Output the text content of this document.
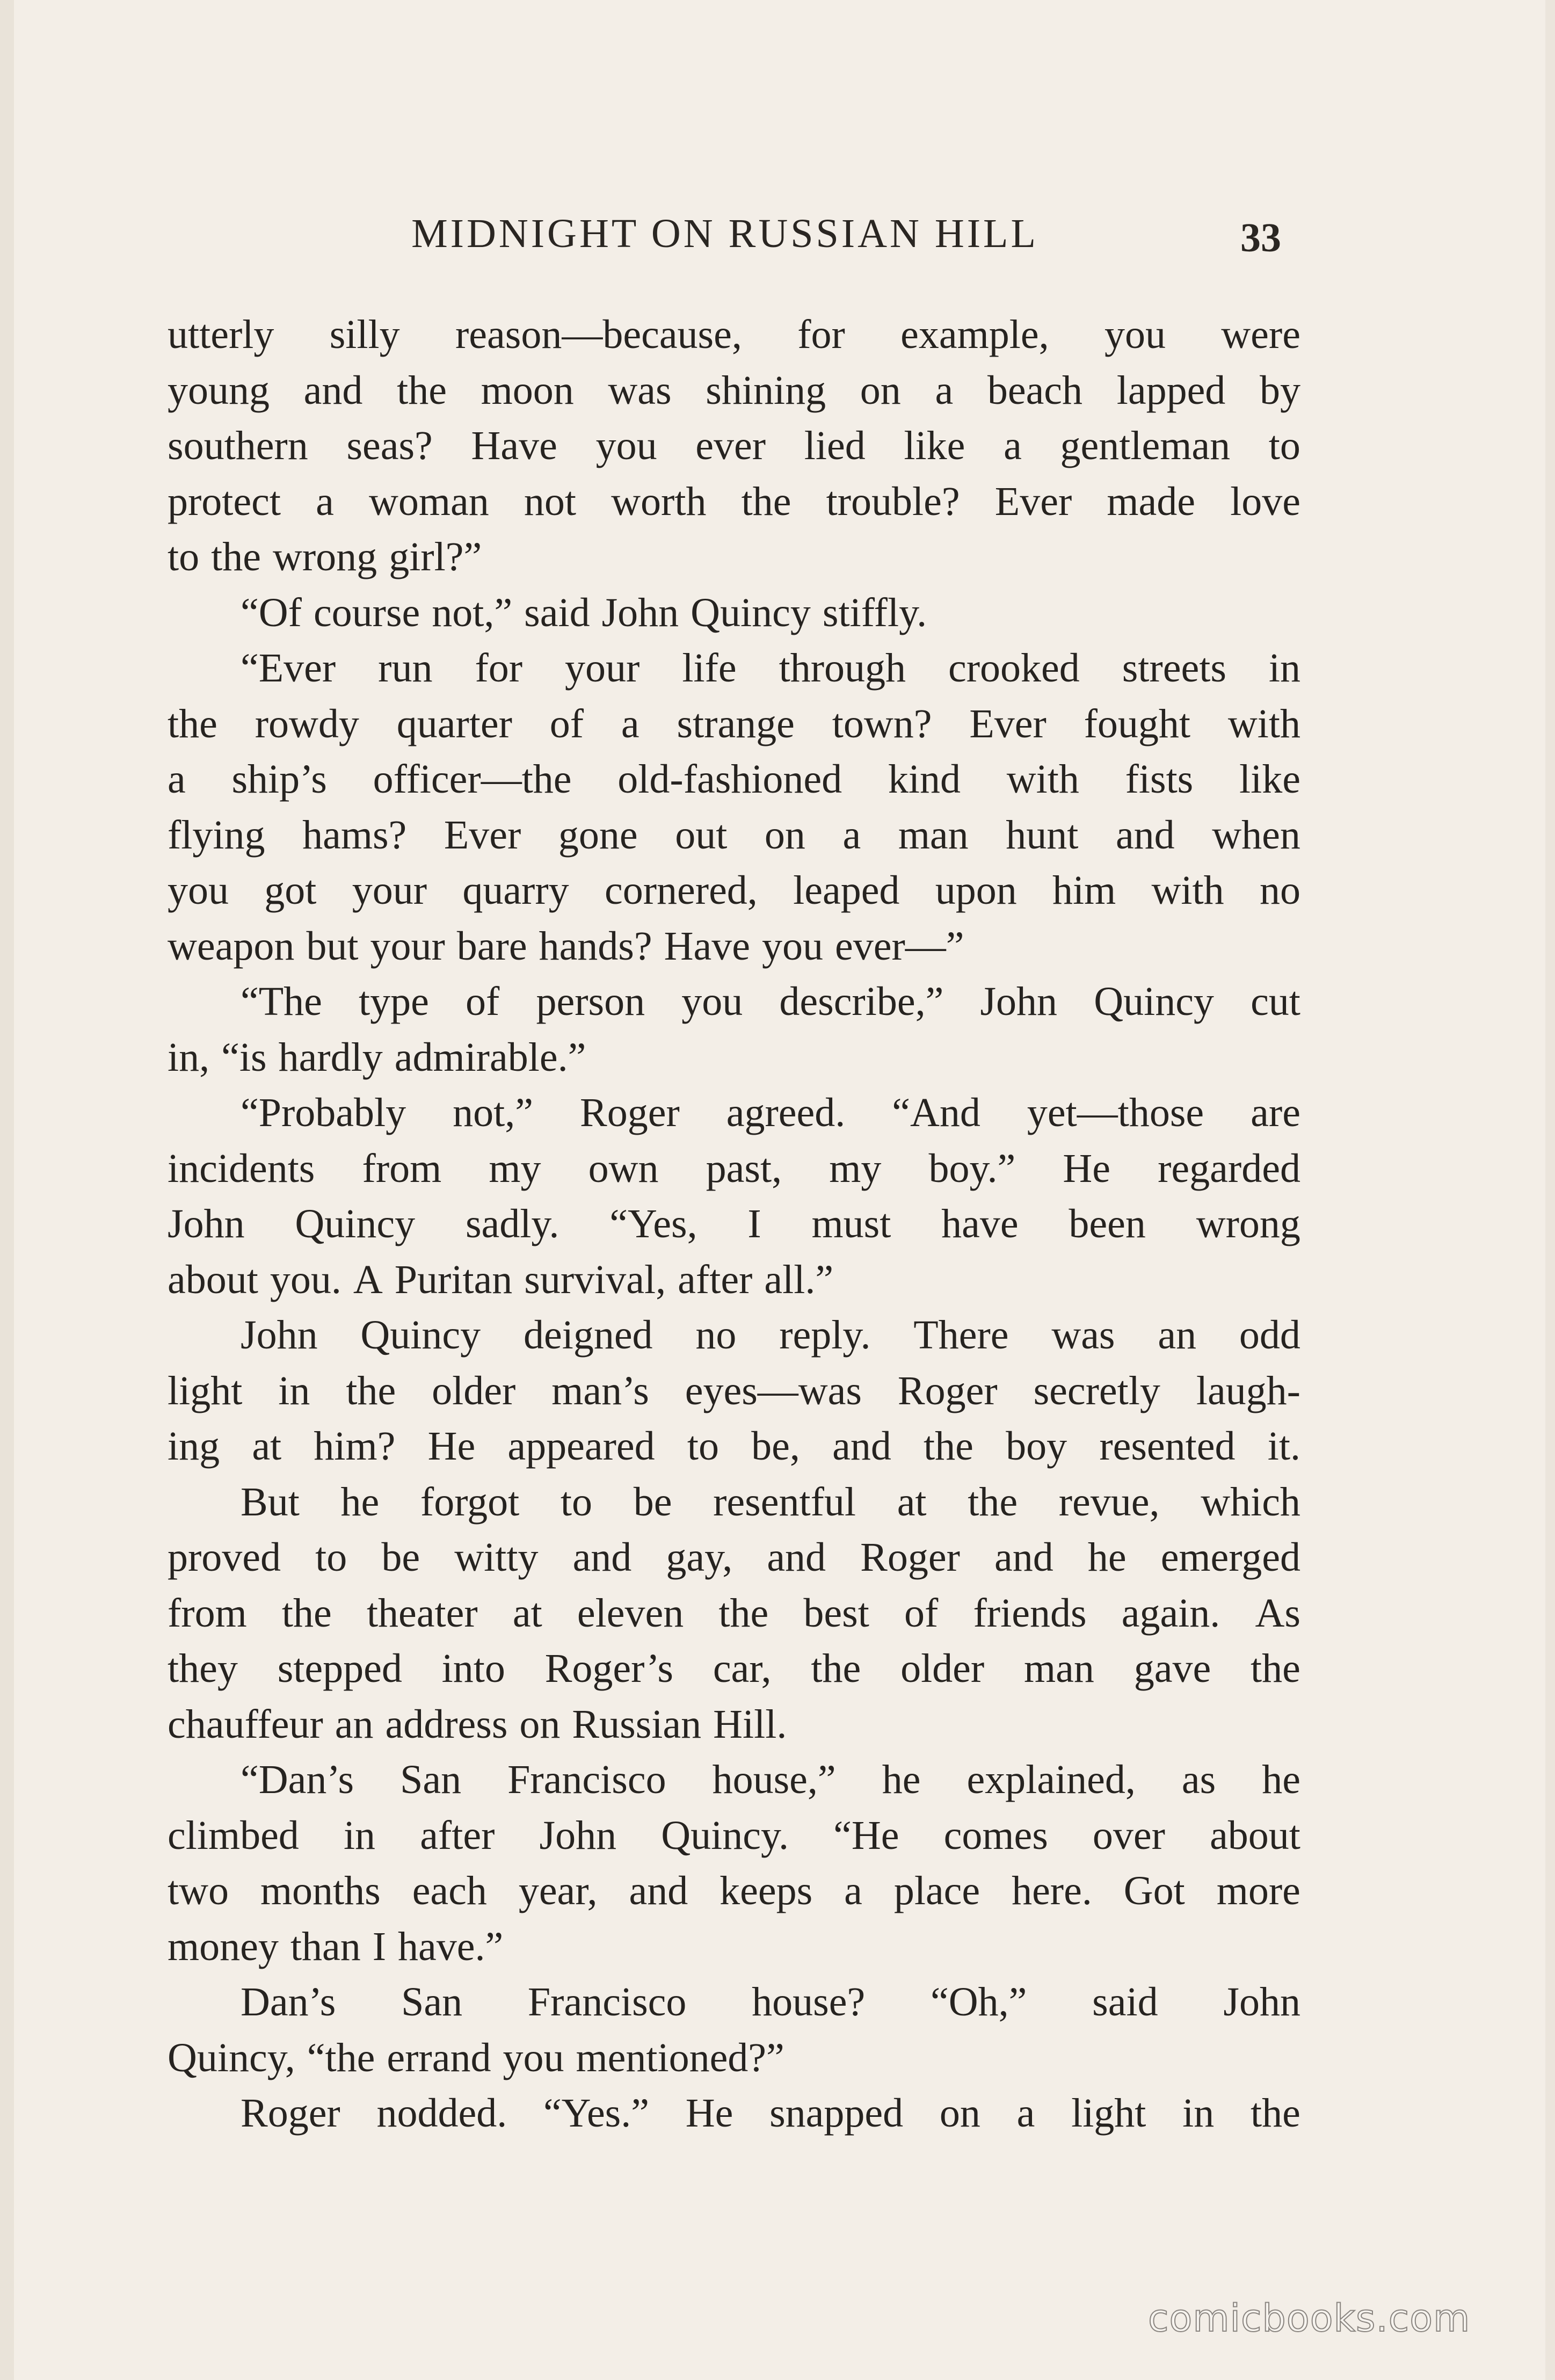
MIDNIGHT ON RUSSIAN HILL	33
utterly silly reason—because, for example, you were
young and the moon was shining on a beach lapped by
southern seas? Have you ever lied like a gentleman to
protect a woman not worth the trouble? Ever made love
to the wrong girl?”
“Of course not,” said John Quincy stiffly.
“Ever run for your life through crooked streets in
the rowdy quarter of a strange town? Ever fought with
a ship’s officer—the old-fashioned kind with fists like
flying hams? Ever gone out on a man hunt and when
you got your quarry cornered, leaped upon him with no
weapon but your bare hands? Have you ever—”
“The type of person you describe,” John Quincy cut
in, “is hardly admirable.”
“Probably not,” Roger agreed. “And yet—those are
incidents from my own past, my boy.” He regarded
John Quincy sadly. “Yes, I must have been wrong
about you. A Puritan survival, after all.”
John Quincy deigned no reply. There was an odd
light in the older man’s eyes—was Roger secretly laugh-
ing at him? He appeared to be, and the boy resented it.
But he forgot to be resentful at the revue, which
proved to be witty and gay, and Roger and he emerged
from the theater at eleven the best of friends again. As
they stepped into Roger’s car, the older man gave the
chauffeur an address on Russian Hill.
“Dan’s San Francisco house,” he explained, as he
climbed in after John Quincy. “He comes over about
two months each year, and keeps a place here. Got more
money than I have.”
Dan’s San Francisco house? “Oh,” said John
Quincy, “the errand you mentioned?”
Roger nodded. “Yes.” He snapped on a light in the
comicbooks.com
